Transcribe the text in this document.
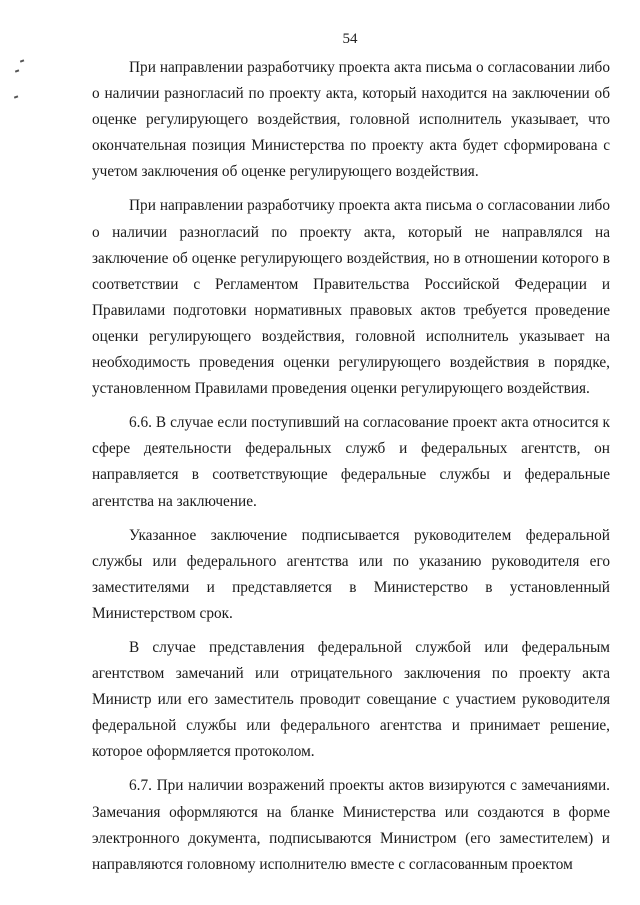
54

При направлении разработчику проекта акта письма о согласовании либо о наличии разногласий по проекту акта, который находится на заключении об оценке регулирующего воздействия, головной исполнитель указывает, что окончательная позиция Министерства по проекту акта будет сформирована с учетом заключения об оценке регулирующего воздействия.

При направлении разработчику проекта акта письма о согласовании либо о наличии разногласий по проекту акта, который не направлялся на заключение об оценке регулирующего воздействия, но в отношении которого в соответствии с Регламентом Правительства Российской Федерации и Правилами подготовки нормативных правовых актов требуется проведение оценки регулирующего воздействия, головной исполнитель указывает на необходимость проведения оценки регулирующего воздействия в порядке, установленном Правилами проведения оценки регулирующего воздействия.

6.6. В случае если поступивший на согласование проект акта относится к сфере деятельности федеральных служб и федеральных агентств, он направляется в соответствующие федеральные службы и федеральные агентства на заключение.

Указанное заключение подписывается руководителем федеральной службы или федерального агентства или по указанию руководителя его заместителями и представляется в Министерство в установленный Министерством срок.

В случае представления федеральной службой или федеральным агентством замечаний или отрицательного заключения по проекту акта Министр или его заместитель проводит совещание с участием руководителя федеральной службы или федерального агентства и принимает решение, которое оформляется протоколом.

6.7. При наличии возражений проекты актов визируются с замечаниями. Замечания оформляются на бланке Министерства или создаются в форме электронного документа, подписываются Министром (его заместителем) и направляются головному исполнителю вместе с согласованным проектом
